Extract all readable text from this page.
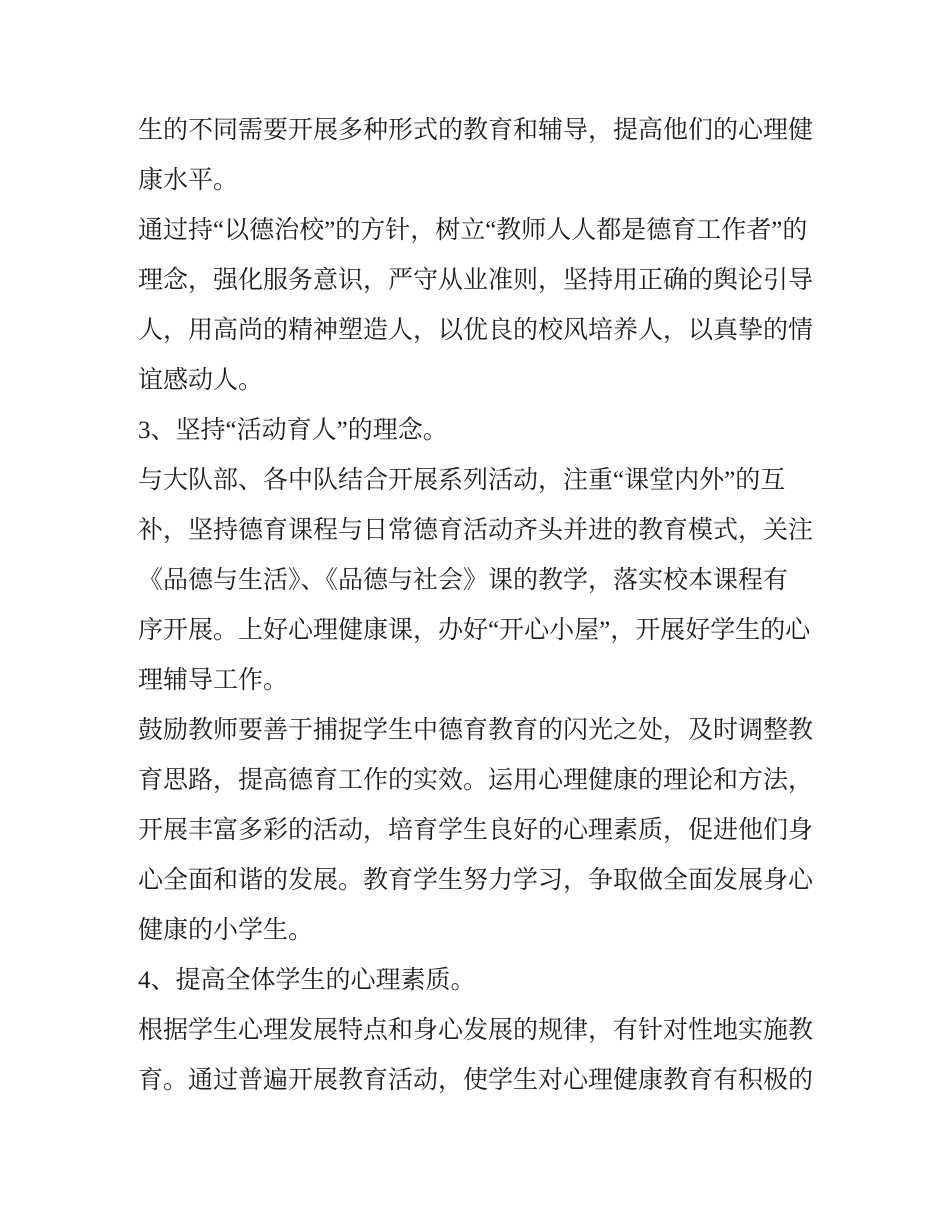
生的不同需要开展多种形式的教育和辅导，提高他们的心理健
康水平。
通过持“以德治校”的方针，树立“教师人人都是德育工作者”的
理念，强化服务意识，严守从业准则，坚持用正确的舆论引导
人，用高尚的精神塑造人，以优良的校风培养人，以真挚的情
谊感动人。
3、坚持“活动育人”的理念。
与大队部、各中队结合开展系列活动，注重“课堂内外”的互
补，坚持德育课程与日常德育活动齐头并进的教育模式，关注
《品德与生活》、《品德与社会》课的教学，落实校本课程有
序开展。上好心理健康课，办好“开心小屋”，开展好学生的心
理辅导工作。
鼓励教师要善于捕捉学生中德育教育的闪光之处，及时调整教
育思路，提高德育工作的实效。运用心理健康的理论和方法，
开展丰富多彩的活动，培育学生良好的心理素质，促进他们身
心全面和谐的发展。教育学生努力学习，争取做全面发展身心
健康的小学生。
4、提高全体学生的心理素质。
根据学生心理发展特点和身心发展的规律，有针对性地实施教
育。通过普遍开展教育活动，使学生对心理健康教育有积极的
